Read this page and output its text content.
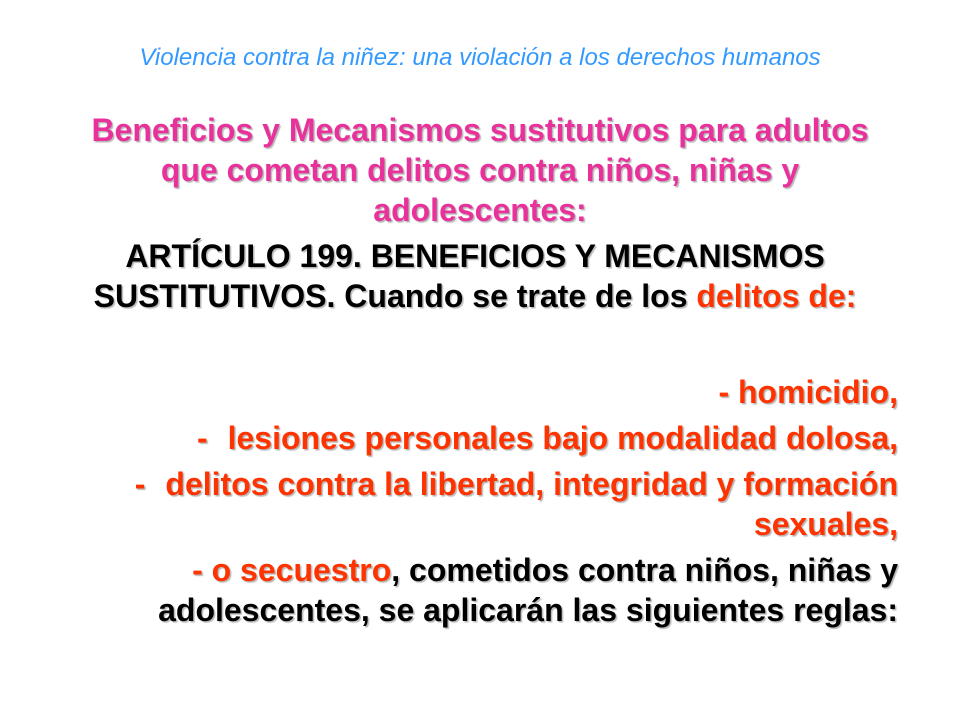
Violencia contra la niñez: una violación a los derechos humanos
Beneficios y Mecanismos sustitutivos para adultos que cometan delitos contra niños, niñas y adolescentes:
ARTÍCULO 199. BENEFICIOS Y MECANISMOS SUSTITUTIVOS. Cuando se trate de los delitos de:
- homicidio,
- lesiones personales bajo modalidad dolosa,
- delitos contra la libertad, integridad y formación sexuales,
- o secuestro, cometidos contra niños, niñas y adolescentes, se aplicarán las siguientes reglas:
